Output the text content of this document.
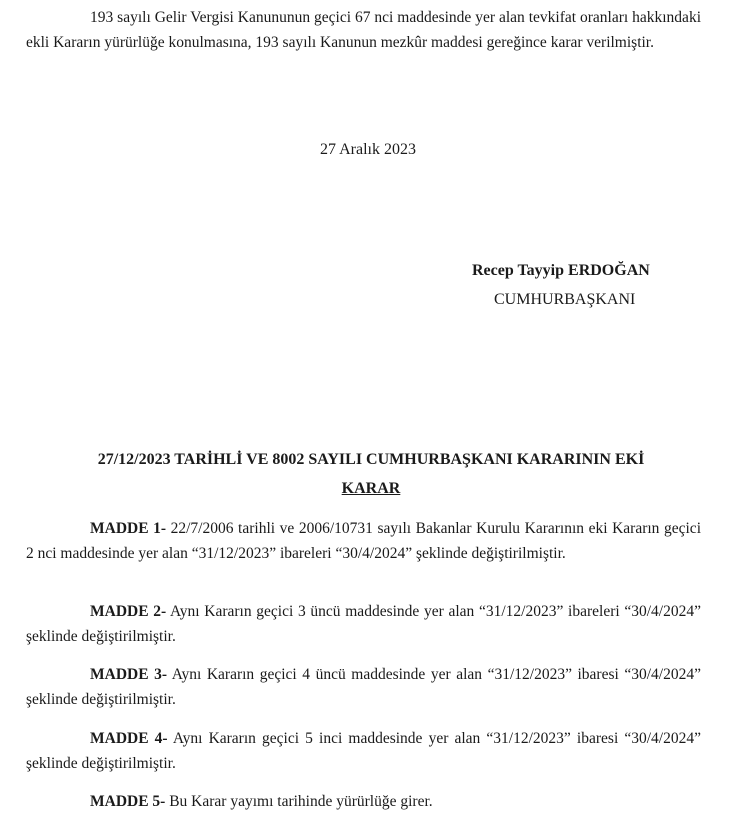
193 sayılı Gelir Vergisi Kanununun geçici 67 nci maddesinde yer alan tevkifat oranları hakkındaki ekli Kararın yürürlüğe konulmasına, 193 sayılı Kanunun mezkûr maddesi gereğince karar verilmiştir.

27 Aralık 2023

Recep Tayyip ERDOĞAN

CUMHURBAŞKANI

27/12/2023 TARİHLİ VE 8002 SAYILI CUMHURBAŞKANI KARARININ EKİ

KARAR

MADDE 1- 22/7/2006 tarihli ve 2006/10731 sayılı Bakanlar Kurulu Kararının eki Kararın geçici 2 nci maddesinde yer alan “31/12/2023” ibareleri “30/4/2024” şeklinde değiştirilmiştir.

MADDE 2- Aynı Kararın geçici 3 üncü maddesinde yer alan “31/12/2023” ibareleri “30/4/2024” şeklinde değiştirilmiştir.

MADDE 3- Aynı Kararın geçici 4 üncü maddesinde yer alan “31/12/2023” ibaresi “30/4/2024” şeklinde değiştirilmiştir.

MADDE 4- Aynı Kararın geçici 5 inci maddesinde yer alan “31/12/2023” ibaresi “30/4/2024” şeklinde değiştirilmiştir.

MADDE 5- Bu Karar yayımı tarihinde yürürlüğe girer.
